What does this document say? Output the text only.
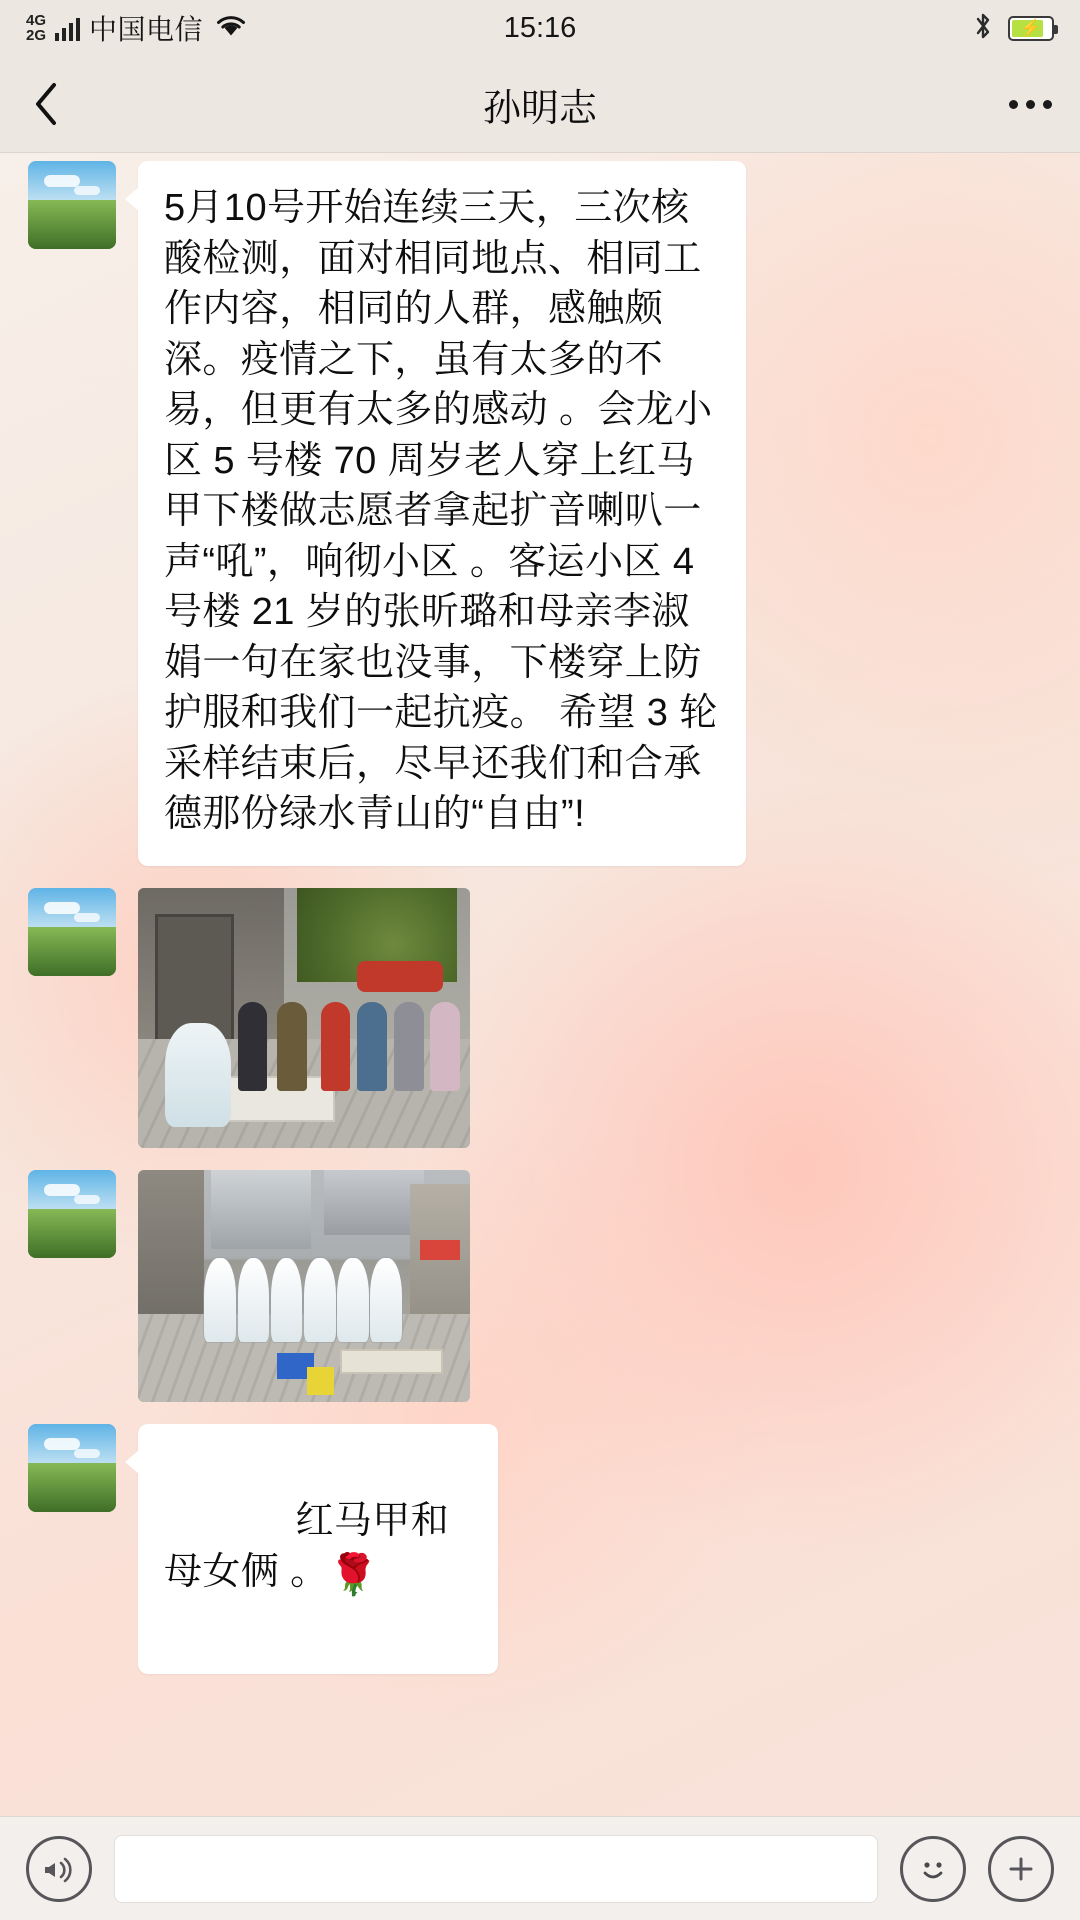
4G
2G 中国电信	15:16	⚡
孙明志
5月10号开始连续三天，三次核酸检测，面对相同地点、相同工作内容，相同的人群，感触颇深。疫情之下，虽有太多的不易，但更有太多的感动 。会龙小区 5 号楼 70 周岁老人穿上红马甲下楼做志愿者拿起扩音喇叭一声“吼”，响彻小区 。客运小区 4 号楼 21 岁的张昕璐和母亲李淑娟一句在家也没事，下楼穿上防护服和我们一起抗疫。 希望 3 轮采样结束后，尽早还我们和合承德那份绿水青山的“自由”!

红马甲和母女俩 。🌹
